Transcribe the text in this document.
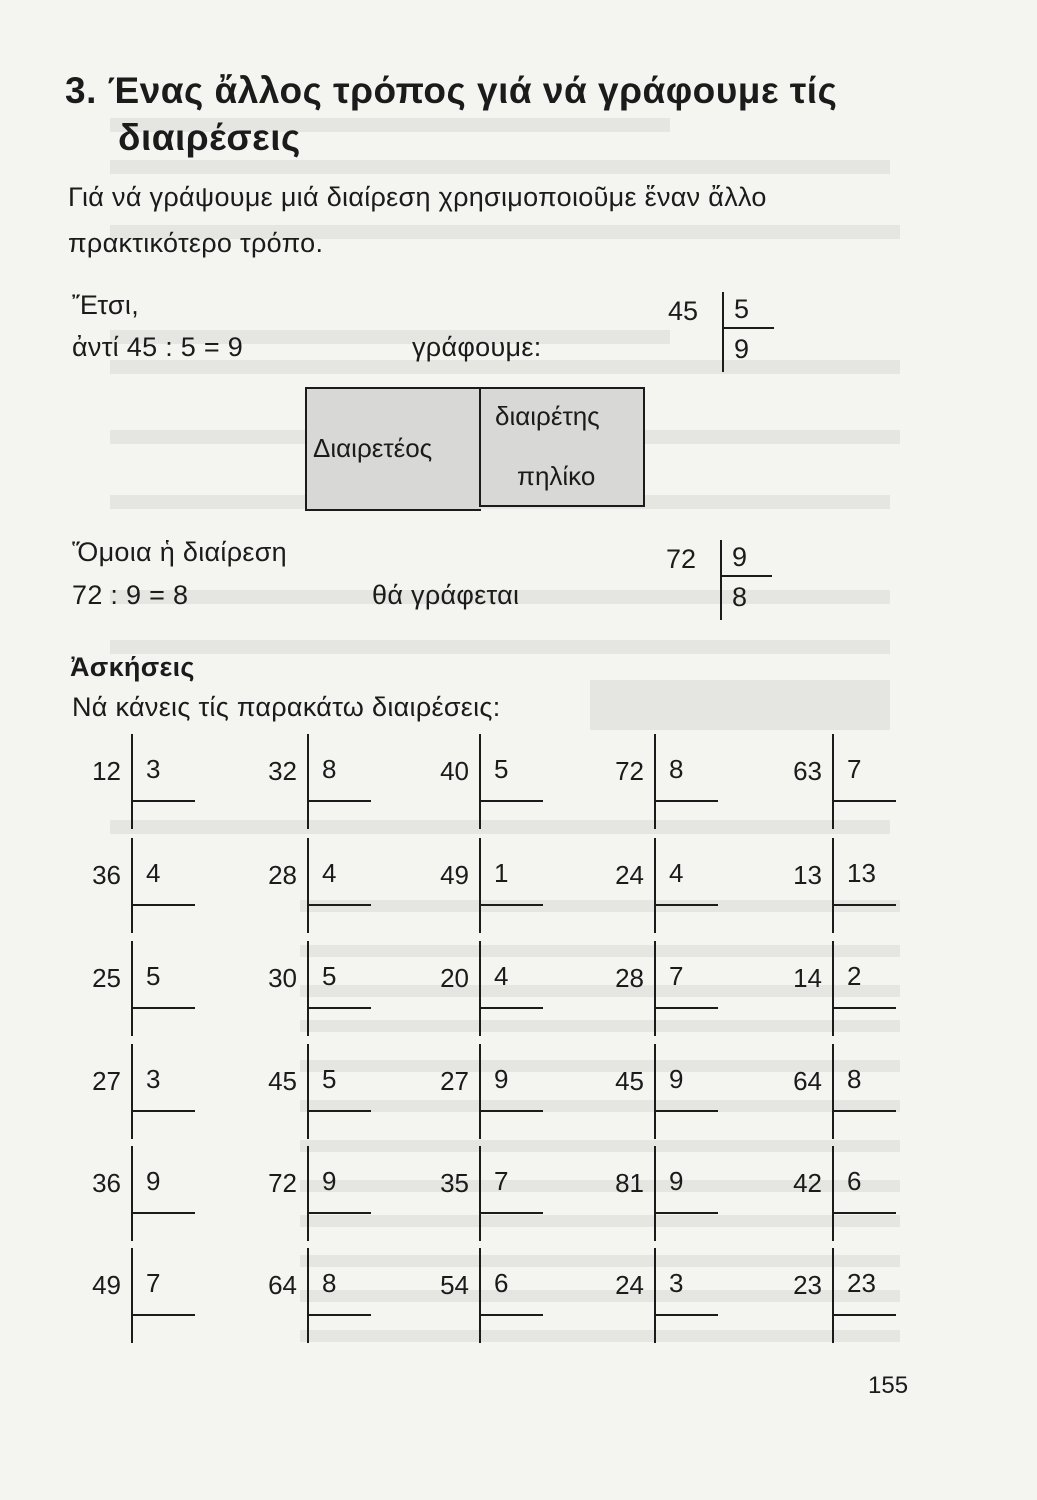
3. Ένας ἄλλος τρόπος γιά νά γράφουμε τίς
διαιρέσεις
Γιά νά γράψουμε μιά διαίρεση χρησιμοποιοῦμε ἕναν ἄλλο
πρακτικότερο τρόπο.
Ἔτσι,
ἀντί 45 : 5 = 9	γράφουμε:
45 5
9
Διαιρετέος
διαιρέτης
πηλίκο
Ὅμοια ἡ διαίρεση
72 : 9 = 8	θά γράφεται
72 9
8
Ἀσκήσεις
Νά κάνεις τίς παρακάτω διαιρέσεις:
12 3	32 8	40 5	72 8	63 7
36 4	28 4	49 1	24 4	13 13
25 5	30 5	20 4	28 7	14 2
27 3	45 5	27 9	45 9	64 8
36 9	72 9	35 7	81 9	42 6
49 7	64 8	54 6	24 3	23 23
155
